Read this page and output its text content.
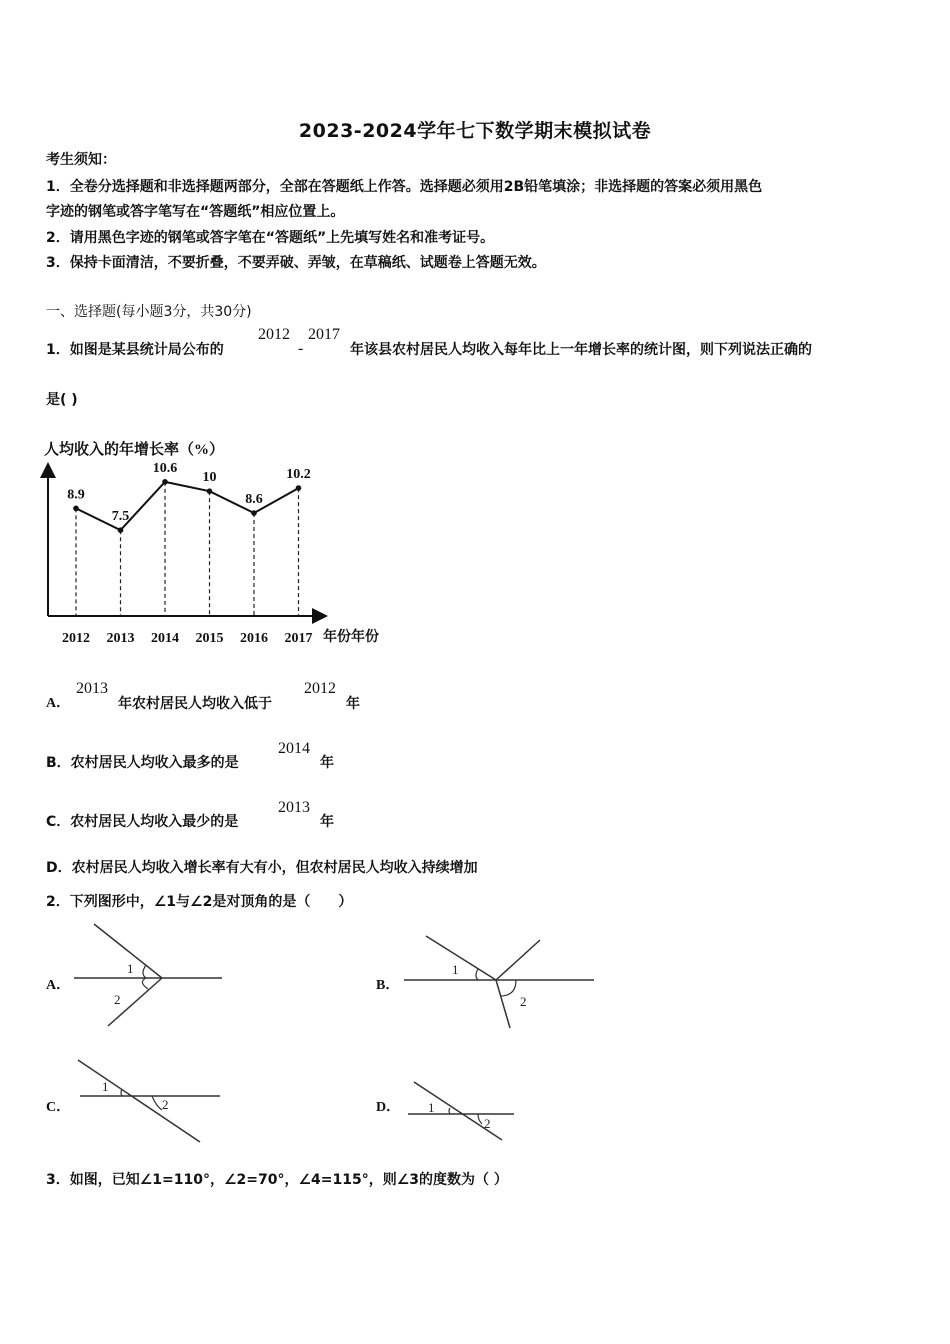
2023-2024学年七下数学期末模拟试卷
考生须知：
1．全卷分选择题和非选择题两部分，全部在答题纸上作答。选择题必须用2B铅笔填涂；非选择题的答案必须用黑色
字迹的钢笔或答字笔写在“答题纸”相应位置上。
2．请用黑色字迹的钢笔或答字笔在“答题纸”上先填写姓名和准考证号。
3．保持卡面清洁，不要折叠，不要弄破、弄皱，在草稿纸、试题卷上答题无效。
一、选择题(每小题3分，共30分)
1．如图是某县统计局公布的
2012
-
2017
年该县农村居民人均收入每年比上一年增长率的统计图，则下列说法正确的
是( )
人均收入的年增长率（%）
年份年份
8.9
2012
7.5
2013
10.6
2014
10
2015
8.6
2016
10.2
2017
A．
2013
年农村居民人均收入低于
2012
年
B．农村居民人均收入最多的是
2014
年
C．农村居民人均收入最少的是
2013
年
D．农村居民人均收入增长率有大有小，但农村居民人均收入持续增加
2．下列图形中，∠1与∠2是对顶角的是（　　）
A．
1
2
B．
1
2
C．
1
2	D． 1
2
3．如图，已知∠1=110°，∠2=70°，∠4=115°，则∠3的度数为（ ）
